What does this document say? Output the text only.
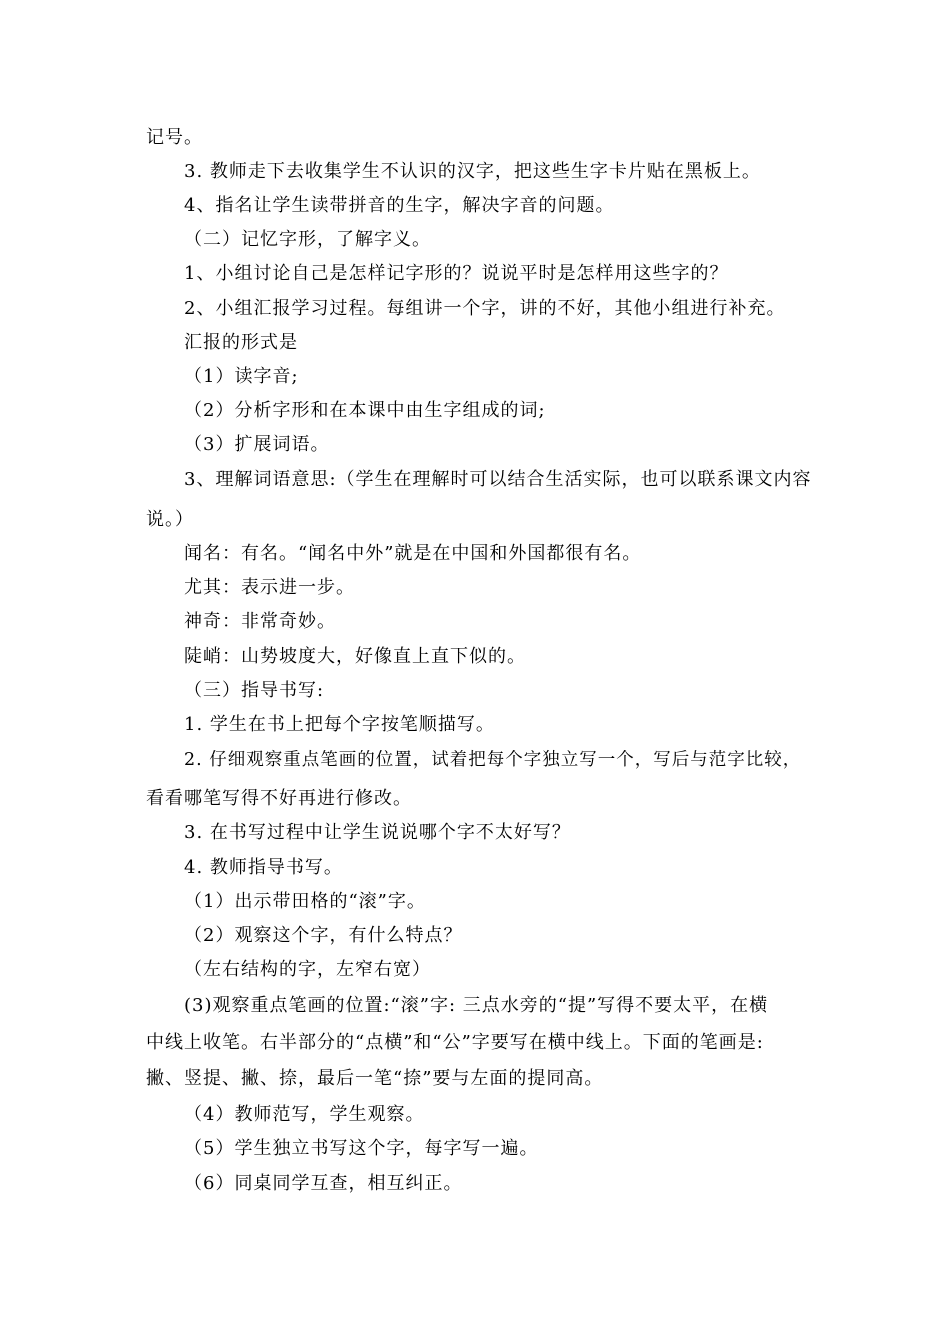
记号。
3. 教师走下去收集学生不认识的汉字，把这些生字卡片贴在黑板上。
4、指名让学生读带拼音的生字，解决字音的问题。
（二）记忆字形，了解字义。
1、小组讨论自己是怎样记字形的？说说平时是怎样用这些字的？
2、小组汇报学习过程。每组讲一个字，讲的不好，其他小组进行补充。
汇报的形式是
（1）读字音;
（2）分析字形和在本课中由生字组成的词;
（3）扩展词语。
3、理解词语意思:（学生在理解时可以结合生活实际，也可以联系课文内容
说。）
闻名：有名。“闻名中外”就是在中国和外国都很有名。
尤其：表示进一步。
神奇：非常奇妙。
陡峭：山势坡度大，好像直上直下似的。
（三）指导书写:
1. 学生在书上把每个字按笔顺描写。
2. 仔细观察重点笔画的位置，试着把每个字独立写一个，写后与范字比较，
看看哪笔写得不好再进行修改。
3. 在书写过程中让学生说说哪个字不太好写？
4. 教师指导书写。
（1）出示带田格的“滚”字。
（2）观察这个字，有什么特点？
（左右结构的字，左窄右宽）
(3)观察重点笔画的位置:“滚”字: 三点水旁的“提”写得不要太平，在横
中线上收笔。右半部分的“点横”和“公”字要写在横中线上。下面的笔画是:
撇、竖提、撇、捺，最后一笔“捺”要与左面的提同高。
（4）教师范写，学生观察。
（5）学生独立书写这个字，每字写一遍。
（6）同桌同学互查，相互纠正。
